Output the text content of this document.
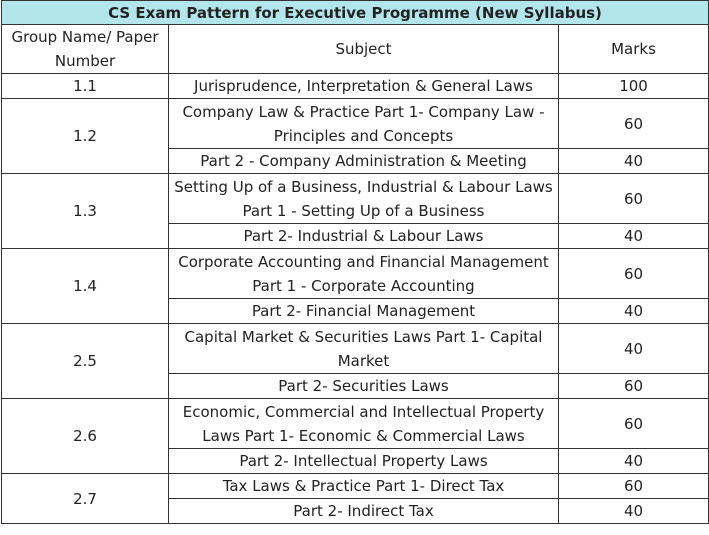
CS Exam Pattern for Executive Programme (New Syllabus)		
Group Name/ Paper Number	Subject	Marks
1.1	Jurisprudence, Interpretation & General Laws	100
1.2	Company Law & Practice Part 1- Company Law - Principles and Concepts	60
	Part 2 - Company Administration & Meeting	40
1.3	Setting Up of a Business, Industrial & Labour Laws Part 1 - Setting Up of a Business	60
	Part 2- Industrial & Labour Laws	40
1.4	Corporate Accounting and Financial Management Part 1 - Corporate Accounting	60
	Part 2- Financial Management	40
2.5	Capital Market & Securities Laws Part 1- Capital Market	40
	Part 2- Securities Laws	60
2.6	Economic, Commercial and Intellectual Property Laws Part 1- Economic & Commercial Laws	60
	Part 2- Intellectual Property Laws	40
2.7	Tax Laws & Practice Part 1- Direct Tax	60
	Part 2- Indirect Tax	40
